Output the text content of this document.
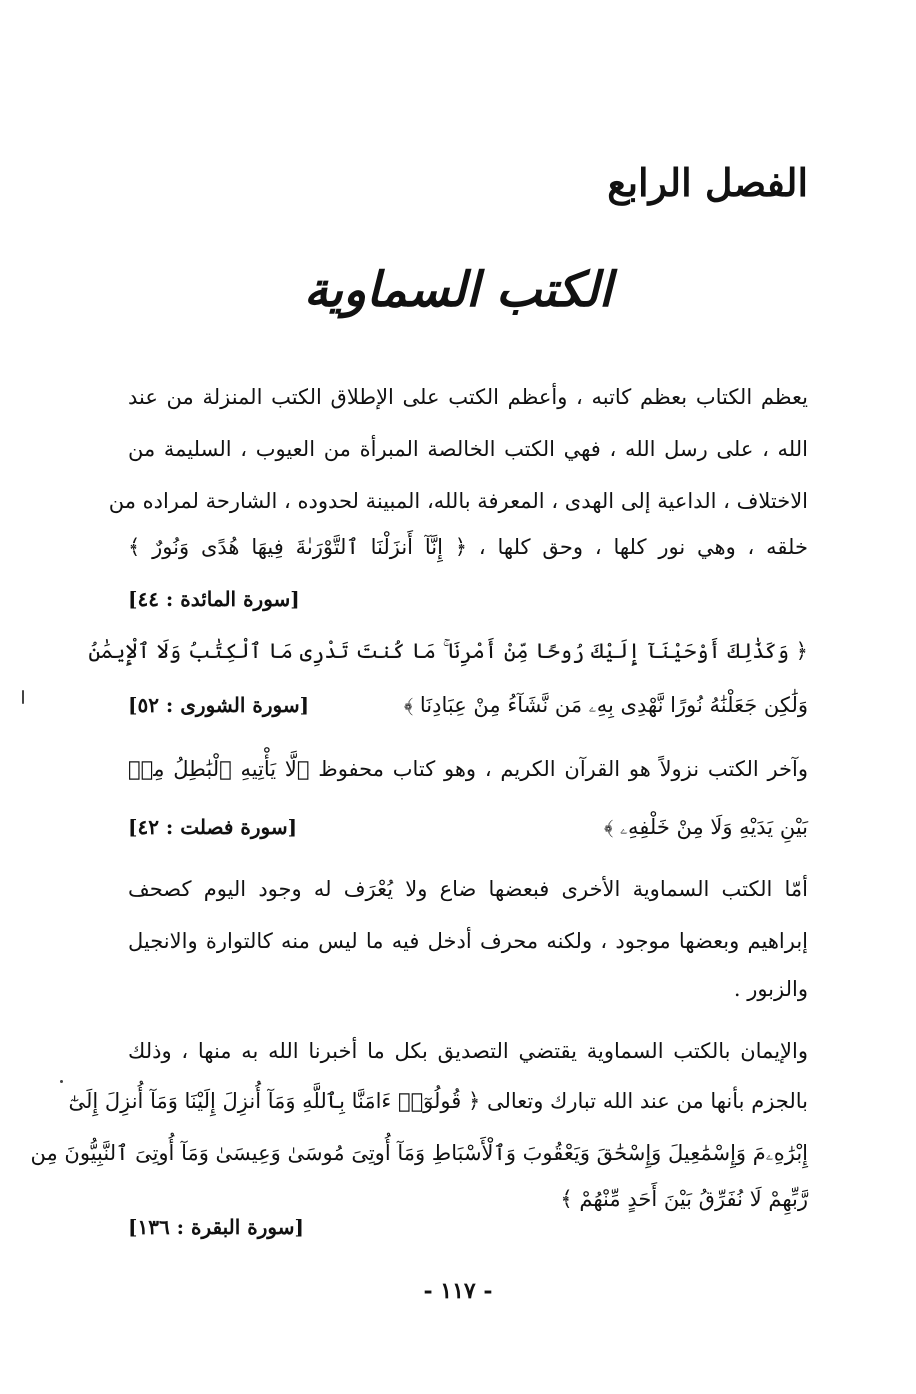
الفصل الرابع
الكتب السماوية
يعظم الكتاب بعظم كاتبه ، وأعظم الكتب على الإطلاق الكتب المنزلة من عند
الله ، على رسل الله ، فهي الكتب الخالصة المبرأة من العيوب ، السليمة من
الاختلاف ، الداعية إلى الهدى ، المعرفة بالله، المبينة لحدوده ، الشارحة لمراده من
خلقه ، وهي نور كلها ، وحق كلها ، ﴿ إِنَّآ أَنزَلْنَا ٱلتَّوْرَىٰةَ فِيهَا هُدًى وَنُورٌ ﴾
[سورة المائدة : ٤٤]
﴿ وَكَذَٰلِكَ أَوْحَيْنَآ إِلَيْكَ رُوحًا مِّنْ أَمْرِنَا ۚ مَا كُنتَ تَدْرِى مَا ٱلْكِتَٰبُ وَلَا ٱلْإِيمَٰنُ
وَلَٰكِن جَعَلْنَٰهُ نُورًا نَّهْدِى بِهِۦ مَن نَّشَآءُ مِنْ عِبَادِنَا ﴾
[سورة الشورى : ٥٢]
وآخر الكتب نزولاً هو القرآن الكريم ، وهو كتاب محفوظ ﴿لَّا يَأْتِيهِ ٱلْبَٰطِلُ مِنۢ
بَيْنِ يَدَيْهِ وَلَا مِنْ خَلْفِهِۦ ﴾
[سورة فصلت : ٤٢]
أمّا الكتب السماوية الأخرى فبعضها ضاع ولا يُعْرَف له وجود اليوم كصحف
إبراهيم وبعضها موجود ، ولكنه محرف أدخل فيه ما ليس منه كالتوارة والانجيل
والزبور .
والإيمان بالكتب السماوية يقتضي التصديق بكل ما أخبرنا الله به منها ، وذلك
بالجزم بأنها من عند الله تبارك وتعالى ﴿ قُولُوٓا۟ ءَامَنَّا بِٱللَّهِ وَمَآ أُنزِلَ إِلَيْنَا وَمَآ أُنزِلَ إِلَىٰٓ
إِبْرَٰهِۦمَ وَإِسْمَٰعِيلَ وَإِسْحَٰقَ وَيَعْقُوبَ وَٱلْأَسْبَاطِ وَمَآ أُوتِىَ مُوسَىٰ وَعِيسَىٰ وَمَآ أُوتِىَ ٱلنَّبِيُّونَ مِن
رَّبِّهِمْ لَا نُفَرِّقُ بَيْنَ أَحَدٍ مِّنْهُمْ ﴾
[سورة البقرة : ١٣٦]
- ١١٧ -
